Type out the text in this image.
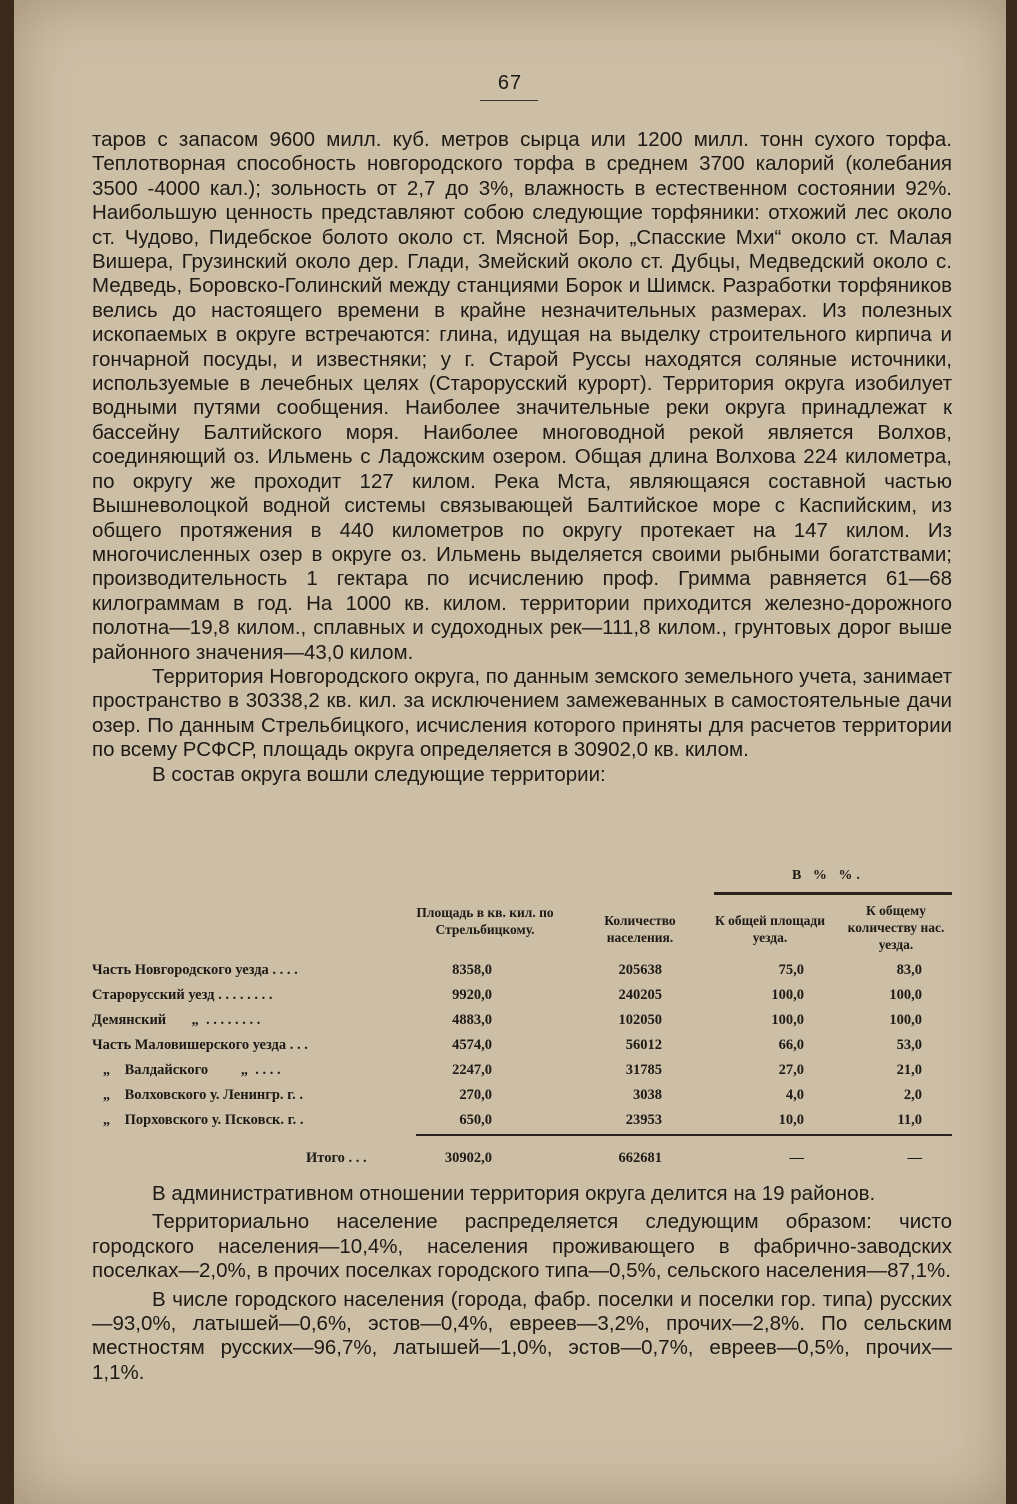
67

таров с запасом 9600 милл. куб. метров сырца или 1200 милл. тонн сухого торфа. Теплотворная способность новгородского торфа в среднем 3700 калорий (колебания 3500 -4000 кал.); зольность от 2,7 до 3%, влажность в естественном состоянии 92%. Наибольшую ценность представляют собою следующие торфяники: отхожий лес около ст. Чудово, Пидебское болото около ст. Мясной Бор, „Спасские Мхи“ около ст. Малая Вишера, Грузинский около дер. Глади, Змейский около ст. Дубцы, Медведский около с. Медведь, Боровско-Голинский между станциями Борок и Шимск. Разработки торфяников велись до настоящего времени в крайне незначительных размерах. Из полезных ископаемых в округе встречаются: глина, идущая на выделку строительного кирпича и гончарной посуды, и известняки; у г. Старой Руссы находятся соляные источники, используемые в лечебных целях (Старорусский курорт). Территория округа изобилует водными путями сообщения. Наиболее значительные реки округа принадлежат к бассейну Балтийского моря. Наиболее многоводной рекой является Волхов, соединяющий оз. Ильмень с Ладожским озером. Общая длина Волхова 224 километра, по округу же проходит 127 килом. Река Мста, являющаяся составной частью Вышневолоцкой водной системы связывающей Балтийское море с Каспийским, из общего протяжения в 440 километров по округу протекает на 147 килом. Из многочисленных озер в округе оз. Ильмень выделяется своими рыбными богатствами; производительность 1 гектара по исчислению проф. Гримма равняется 61—68 килограммам в год. На 1000 кв. килом. территории приходится железно-дорожного полотна—19,8 килом., сплавных и судоходных рек—111,8 килом., грунтовых дорог выше районного значения—43,0 килом.

Территория Новгородского округа, по данным земского земельного учета, занимает пространство в 30338,2 кв. кил. за исключением замежеванных в самостоятельные дачи озер. По данным Стрельбицкого, исчисления которого приняты для расчетов территории по всему РСФСР, площадь округа определяется в 30902,0 кв. килом.

В состав округа вошли следующие территории:

В % %.
Площадь в кв. кил. по Стрельбицкому.
Количество населения.
К общей площади уезда.
К общему количеству нас. уезда.
Часть Новгородского уезда . . . .	8358,0	205638	75,0	83,0
Старорусский уезд . . . . . . . .	9920,0	240205	100,0	100,0
Демянский       „  . . . . . . . .	4883,0	102050	100,0	100,0
Часть Маловишерского уезда . . .	4574,0	56012	66,0	53,0
„    Валдайского         „  . . . .	2247,0	31785	27,0	21,0
„    Волховского у. Ленингр. г. .	270,0	3038	4,0	2,0
„    Порховского у. Псковск. г. .	650,0	23953	10,0	11,0
Итого . . .	30902,0	662681	—	—

В административном отношении территория округа делится на 19 районов.

Территориально население распределяется следующим образом: чисто городского населения—10,4%, населения проживающего в фабрично-заводских поселках—2,0%, в прочих поселках городского типа—0,5%, сельского населения—87,1%.

В числе городского населения (города, фабр. поселки и поселки гор. типа) русских—93,0%, латышей—0,6%, эстов—0,4%, евреев—3,2%, прочих—2,8%. По сельским местностям русских—96,7%, латышей—1,0%, эстов—0,7%, евреев—0,5%, прочих—1,1%.
